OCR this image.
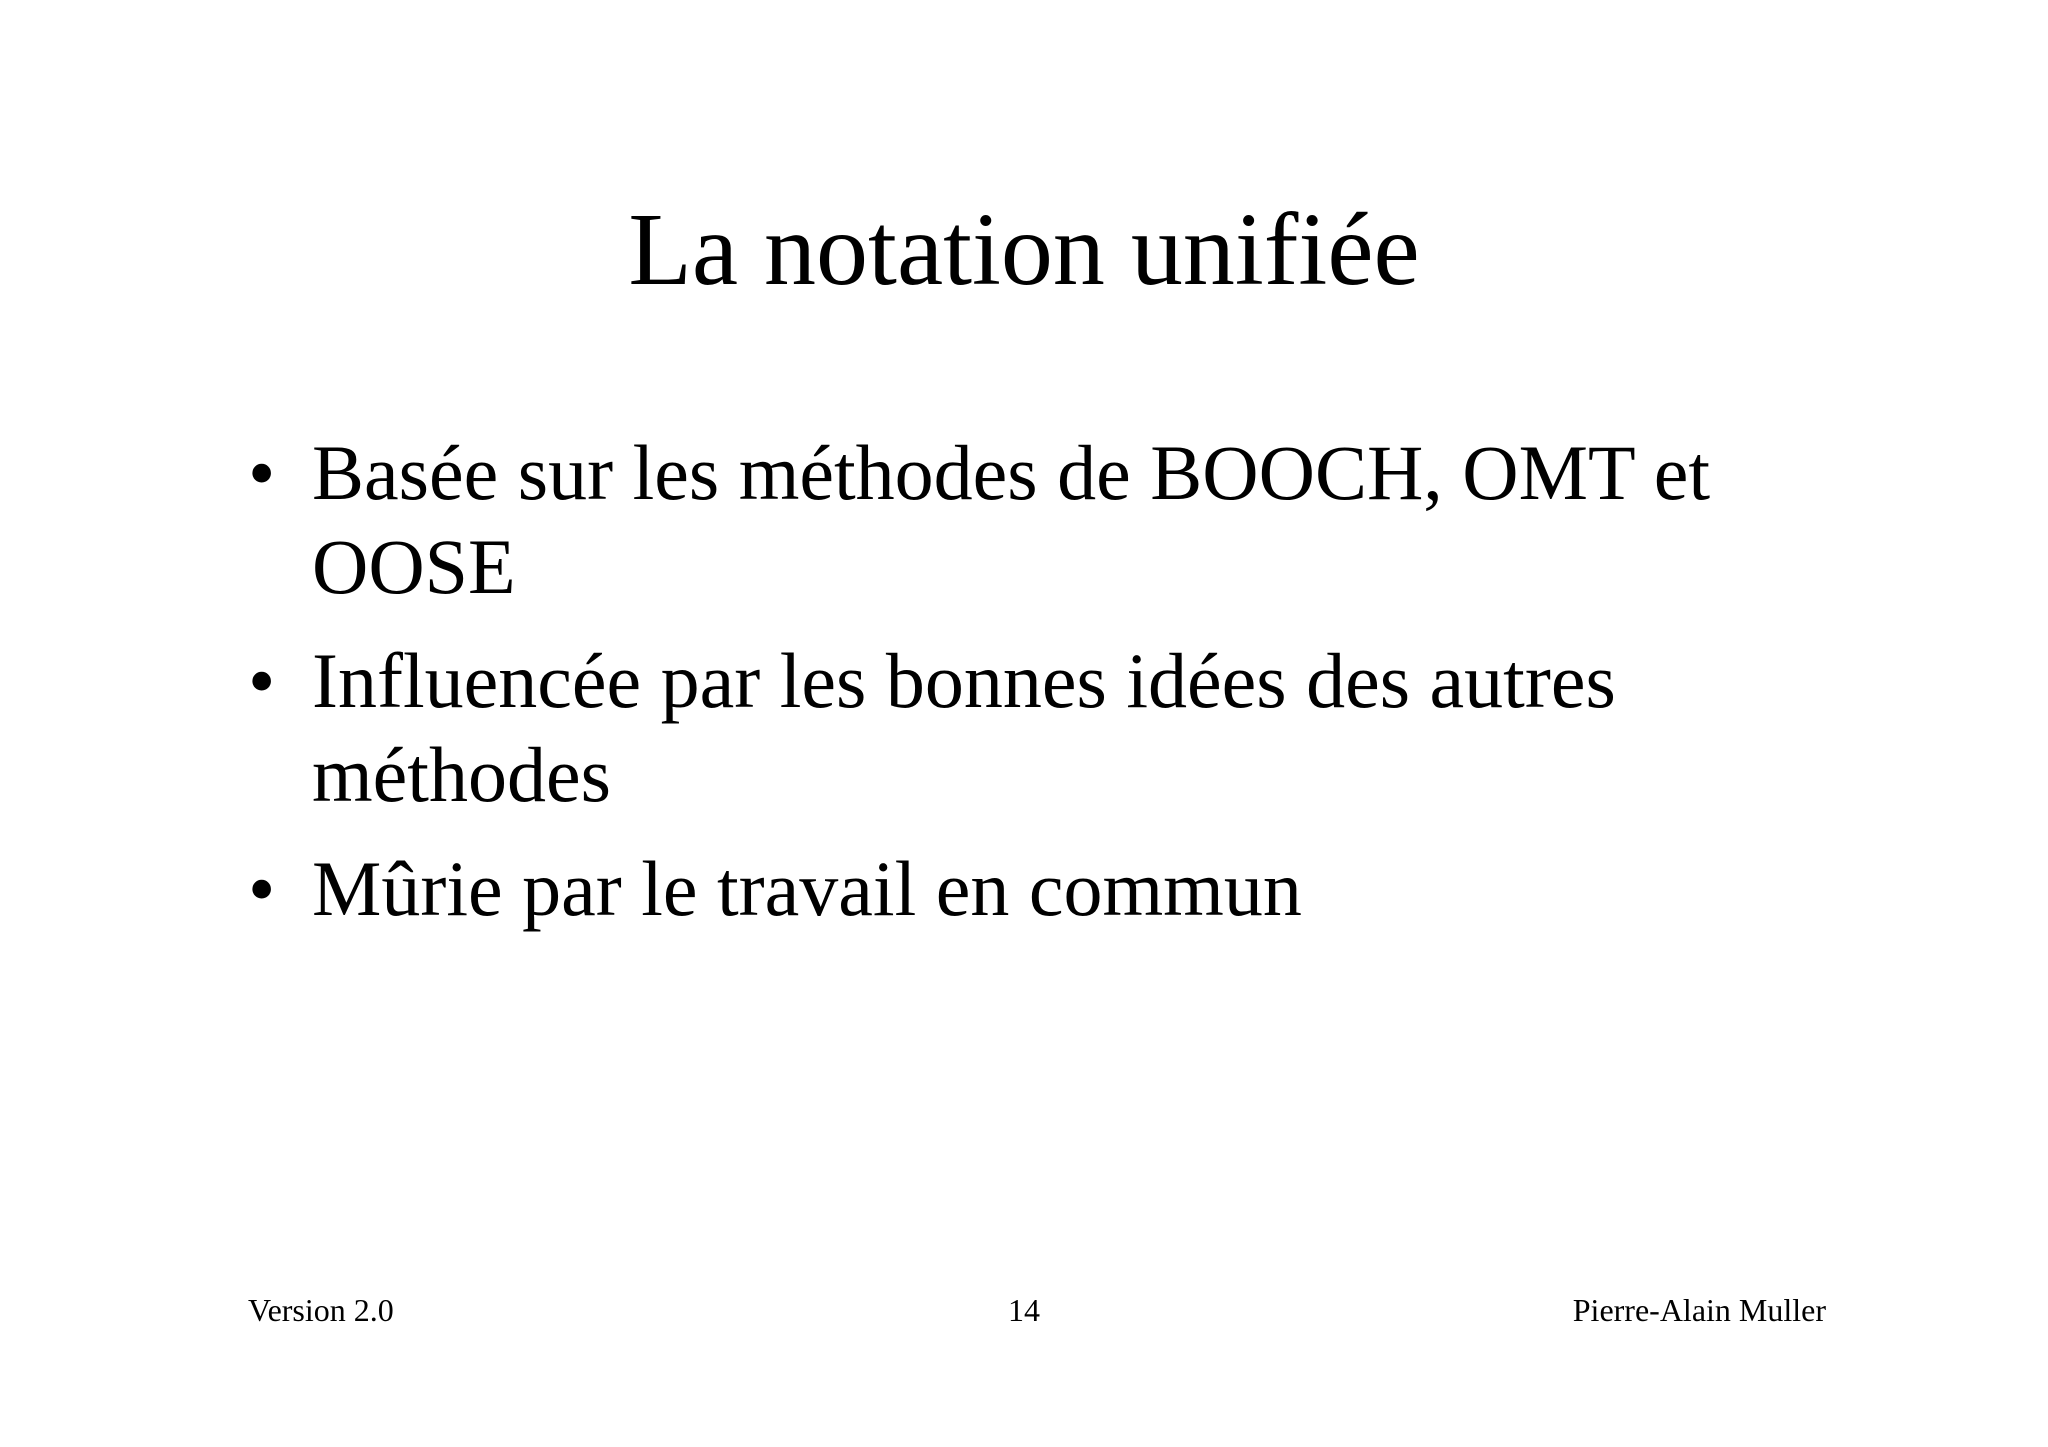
La notation unifiée
• Basée sur les méthodes de BOOCH, OMT et OOSE
• Influencée par les bonnes idées des autres méthodes
• Mûrie par le travail en commun
Version 2.0	14	Pierre-Alain Muller
